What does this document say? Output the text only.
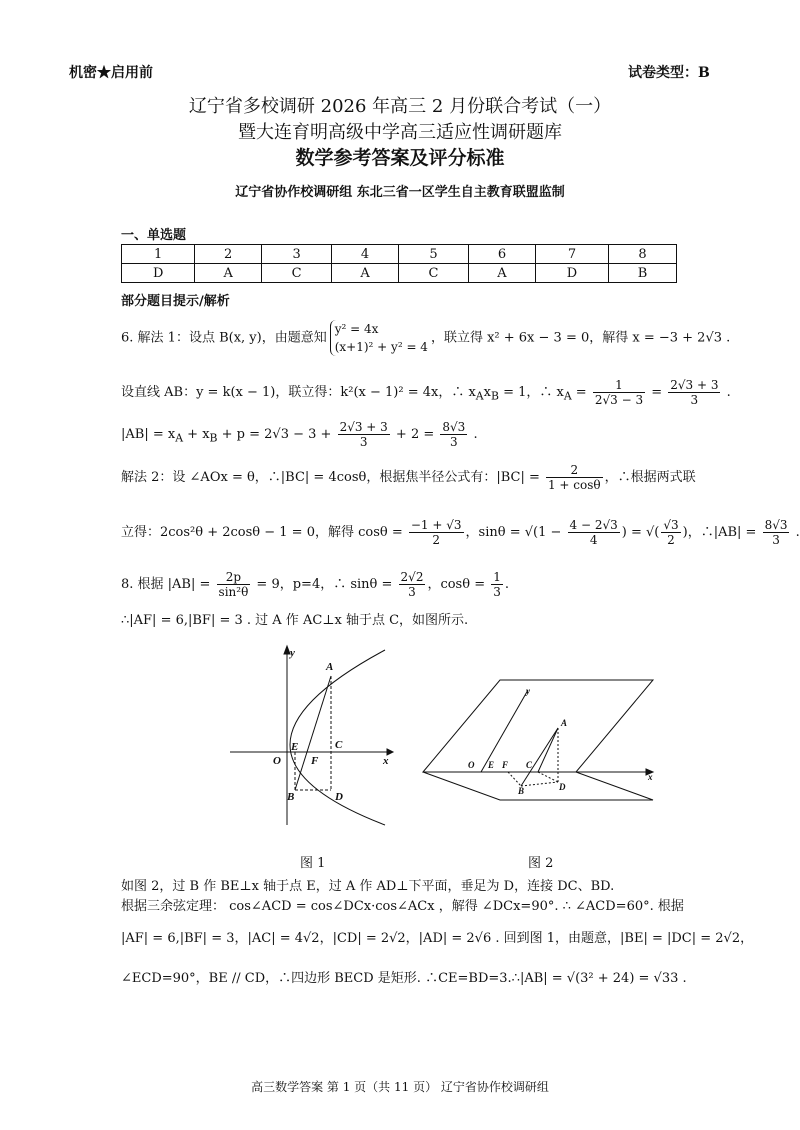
机密★启用前	试卷类型：B
辽宁省多校调研 2026 年高三 2 月份联合考试（一）
暨大连育明高级中学高三适应性调研题库
数学参考答案及评分标准
辽宁省协作校调研组 东北三省一区学生自主教育联盟监制
一、单选题
1	2	3	4	5	6	7	8
D	A	C	A	C	A	D	B
部分题目提示/解析
6. 解法 1：设点 B(x, y)，由题意知
y² = 4x
(x+1)² + y² = 4
，联立得 x² + 6x − 3 = 0，解得 x = −3 + 2√3 .
设直线 AB：y = k(x − 1)，联立得：k²(x − 1)² = 4x，∴ $x_Ax_B = 1$，∴ $x_A = \frac{1}{2√3 - 3} = \frac{2√3 + 3}{3}$ .
$|AB| = x_A + x_B + p = 2√3 - 3 + \frac{2√3 + 3}{3} + 2 = \frac{8√3}{3}$ .
解法 2：设 ∠AOx = θ，∴|BC| = 4cosθ，根据焦半径公式有：$|BC| = \frac{2}{1 + \cos\theta}$ ，∴根据两式联
立得：2cos²θ + 2cosθ − 1 = 0，解得 $\cos\theta = \frac{-1 + √3}{2}$ ，$\sin\theta = √(1 - \frac{4 - 2√3}{4}$ ) = √( $\frac{√3}{2}$ )，∴|AB| = $\frac{8√3}{3}$ .
8. 根据 $|AB| = \frac{2p}{\text{sin²θ}} = 9$，p=4，∴ $\sin\theta = \frac{2√2}{3}$ ，$\cos\theta = \frac{1}{3}$ .
∴|AF| = 6,|BF| = 3 . 过 A 作 AC⊥x 轴于点 C，如图所示.
y
x
A
O
E
F
C
B	D
图 1
y
x
A
O E F C
B	D
图 2
如图 2，过 B 作 BE⊥x 轴于点 E，过 A 作 AD⊥下平面，垂足为 D，连接 DC、BD.
根据三余弦定理： cos∠ACD = cos∠DCx·cos∠ACx ，解得 ∠DCx=90°. ∴ ∠ACD=60°. 根据
|AF| = 6,|BF| = 3，|AC| = 4√2，|CD| = 2√2，|AD| = 2√6 . 回到图 1，由题意，|BE| = |DC| = 2√2，
∠ECD=90°，BE // CD，∴四边形 BECD 是矩形. ∴CE=BD=3.∴|AB| = √(3² + 24) = √33 .
高三数学答案 第 1 页（共 11 页） 辽宁省协作校调研组
